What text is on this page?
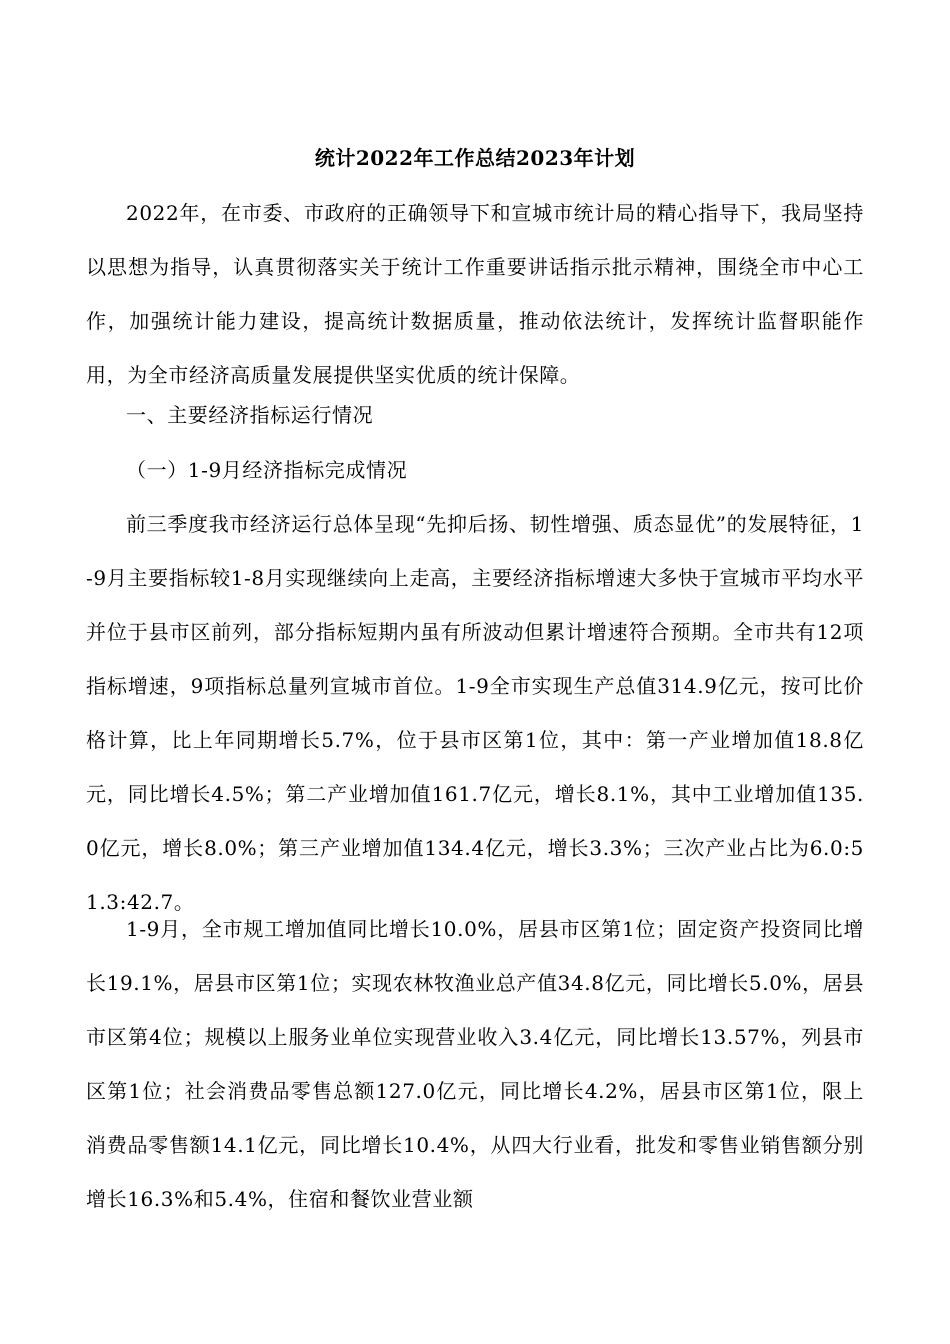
统计2022年工作总结2023年计划

2022年，在市委、市政府的正确领导下和宣城市统计局的精心指导下，我局坚持以思想为指导，认真贯彻落实关于统计工作重要讲话指示批示精神，围绕全市中心工作，加强统计能力建设，提高统计数据质量，推动依法统计，发挥统计监督职能作用，为全市经济高质量发展提供坚实优质的统计保障。

一、主要经济指标运行情况
（一）1-9月经济指标完成情况

前三季度我市经济运行总体呈现“先抑后扬、韧性增强、质态显优”的发展特征，1-9月主要指标较1-8月实现继续向上走高，主要经济指标增速大多快于宣城市平均水平并位于县市区前列，部分指标短期内虽有所波动但累计增速符合预期。全市共有12项指标增速，9项指标总量列宣城市首位。1-9全市实现生产总值314.9亿元，按可比价格计算，比上年同期增长5.7%，位于县市区第1位，其中：第一产业增加值18.8亿元，同比增长4.5%；第二产业增加值161.7亿元，增长8.1%，其中工业增加值135.0亿元，增长8.0%；第三产业增加值134.4亿元，增长3.3%；三次产业占比为6.0:51.3:42.7。

1-9月，全市规工增加值同比增长10.0%，居县市区第1位；固定资产投资同比增长19.1%，居县市区第1位；实现农林牧渔业总产值34.8亿元，同比增长5.0%，居县市区第4位；规模以上服务业单位实现营业收入3.4亿元，同比增长13.57%，列县市区第1位；社会消费品零售总额127.0亿元，同比增长4.2%，居县市区第1位，限上消费品零售额14.1亿元，同比增长10.4%，从四大行业看，批发和零售业销售额分别增长16.3%和5.4%，住宿和餐饮业营业额
